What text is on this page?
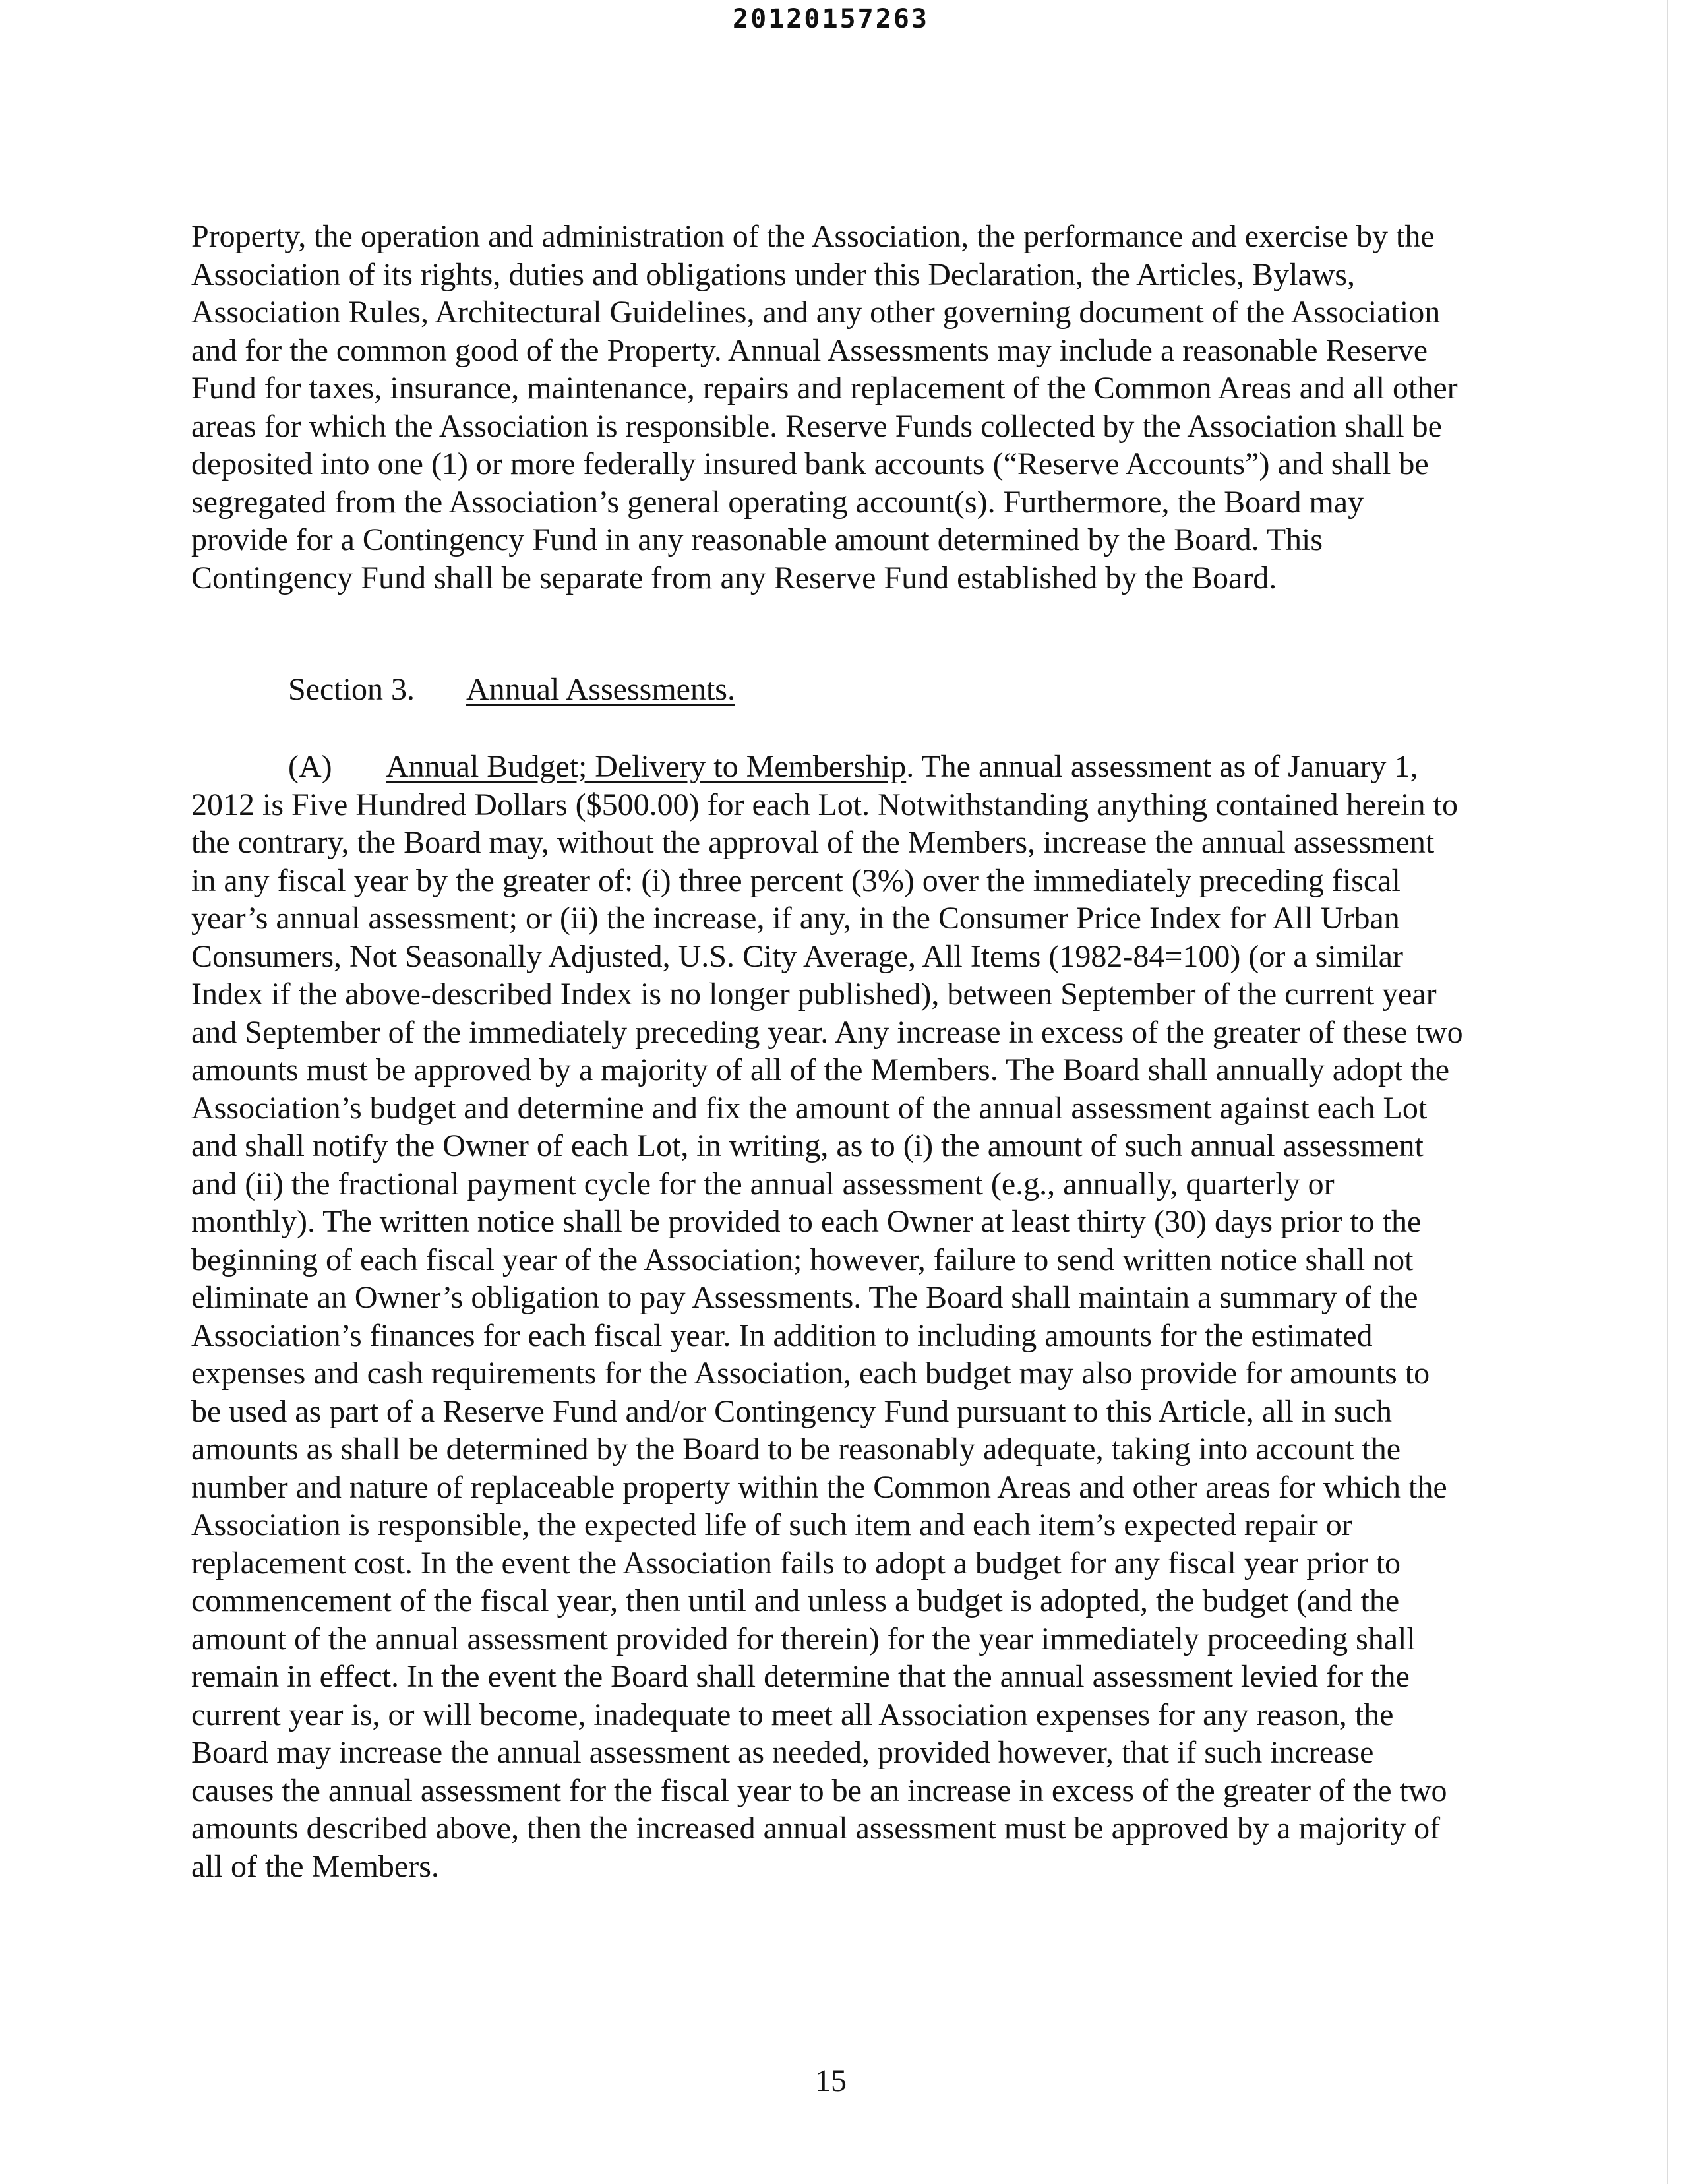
20120157263

Property, the operation and administration of the Association, the performance and exercise by the Association of its rights, duties and obligations under this Declaration, the Articles, Bylaws, Association Rules, Architectural Guidelines, and any other governing document of the Association and for the common good of the Property. Annual Assessments may include a reasonable Reserve Fund for taxes, insurance, maintenance, repairs and replacement of the Common Areas and all other areas for which the Association is responsible. Reserve Funds collected by the Association shall be deposited into one (1) or more federally insured bank accounts (“Reserve Accounts”) and shall be segregated from the Association’s general operating account(s). Furthermore, the Board may provide for a Contingency Fund in any reasonable amount determined by the Board. This Contingency Fund shall be separate from any Reserve Fund established by the Board.

Section 3. Annual Assessments.

(A) Annual Budget; Delivery to Membership. The annual assessment as of January 1, 2012 is Five Hundred Dollars ($500.00) for each Lot. Notwithstanding anything contained herein to the contrary, the Board may, without the approval of the Members, increase the annual assessment in any fiscal year by the greater of: (i) three percent (3%) over the immediately preceding fiscal year’s annual assessment; or (ii) the increase, if any, in the Consumer Price Index for All Urban Consumers, Not Seasonally Adjusted, U.S. City Average, All Items (1982-84=100) (or a similar Index if the above-described Index is no longer published), between September of the current year and September of the immediately preceding year. Any increase in excess of the greater of these two amounts must be approved by a majority of all of the Members. The Board shall annually adopt the Association’s budget and determine and fix the amount of the annual assessment against each Lot and shall notify the Owner of each Lot, in writing, as to (i) the amount of such annual assessment and (ii) the fractional payment cycle for the annual assessment (e.g., annually, quarterly or monthly). The written notice shall be provided to each Owner at least thirty (30) days prior to the beginning of each fiscal year of the Association; however, failure to send written notice shall not eliminate an Owner’s obligation to pay Assessments. The Board shall maintain a summary of the Association’s finances for each fiscal year. In addition to including amounts for the estimated expenses and cash requirements for the Association, each budget may also provide for amounts to be used as part of a Reserve Fund and/or Contingency Fund pursuant to this Article, all in such amounts as shall be determined by the Board to be reasonably adequate, taking into account the number and nature of replaceable property within the Common Areas and other areas for which the Association is responsible, the expected life of such item and each item’s expected repair or replacement cost. In the event the Association fails to adopt a budget for any fiscal year prior to commencement of the fiscal year, then until and unless a budget is adopted, the budget (and the amount of the annual assessment provided for therein) for the year immediately proceeding shall remain in effect. In the event the Board shall determine that the annual assessment levied for the current year is, or will become, inadequate to meet all Association expenses for any reason, the Board may increase the annual assessment as needed, provided however, that if such increase causes the annual assessment for the fiscal year to be an increase in excess of the greater of the two amounts described above, then the increased annual assessment must be approved by a majority of all of the Members.

15
